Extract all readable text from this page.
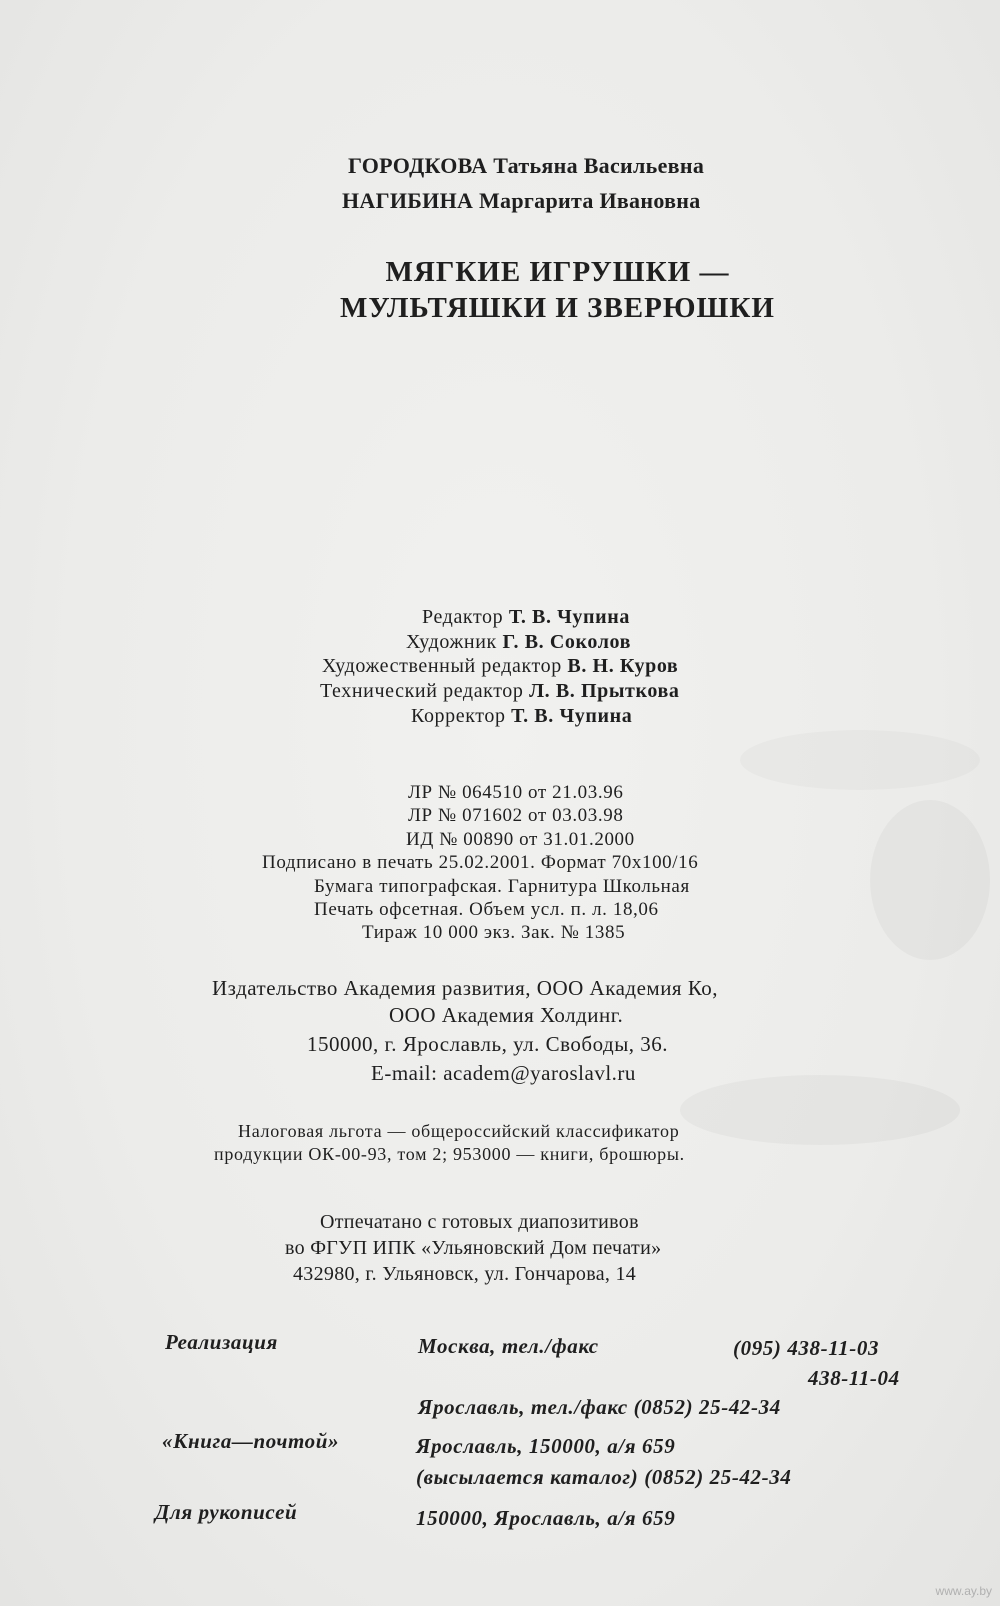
ГОРОДКОВА Татьяна Васильевна
НАГИБИНА Маргарита Ивановна
МЯГКИЕ ИГРУШКИ —
МУЛЬТЯШКИ И ЗВЕРЮШКИ
Редактор Т. В. Чупина
Художник Г. В. Соколов
Художественный редактор В. Н. Куров
Технический редактор Л. В. Прыткова
Корректор Т. В. Чупина
ЛР № 064510 от 21.03.96
ЛР № 071602 от 03.03.98
ИД № 00890 от 31.01.2000
Подписано в печать 25.02.2001. Формат 70x100/16
Бумага типографская. Гарнитура Школьная
Печать офсетная. Объем усл. п. л. 18,06
Тираж 10 000 экз. Зак. № 1385
Издательство Академия развития, ООО Академия Ко,
ООО Академия Холдинг.
150000, г. Ярославль, ул. Свободы, 36.
E-mail: academ@yaroslavl.ru
Налоговая льгота — общероссийский классификатор
продукции ОК-00-93, том 2; 953000 — книги, брошюры.
Отпечатано с готовых диапозитивов
во ФГУП ИПК «Ульяновский Дом печати»
432980, г. Ульяновск, ул. Гончарова, 14
Реализация	Москва, тел./факс	(095) 438-11-03
438-11-04
Ярославль, тел./факс (0852) 25-42-34
«Книга—почтой»	Ярославль, 150000, а/я 659
(высылается каталог) (0852) 25-42-34
Для рукописей	150000, Ярославль, а/я 659
www.ay.by
